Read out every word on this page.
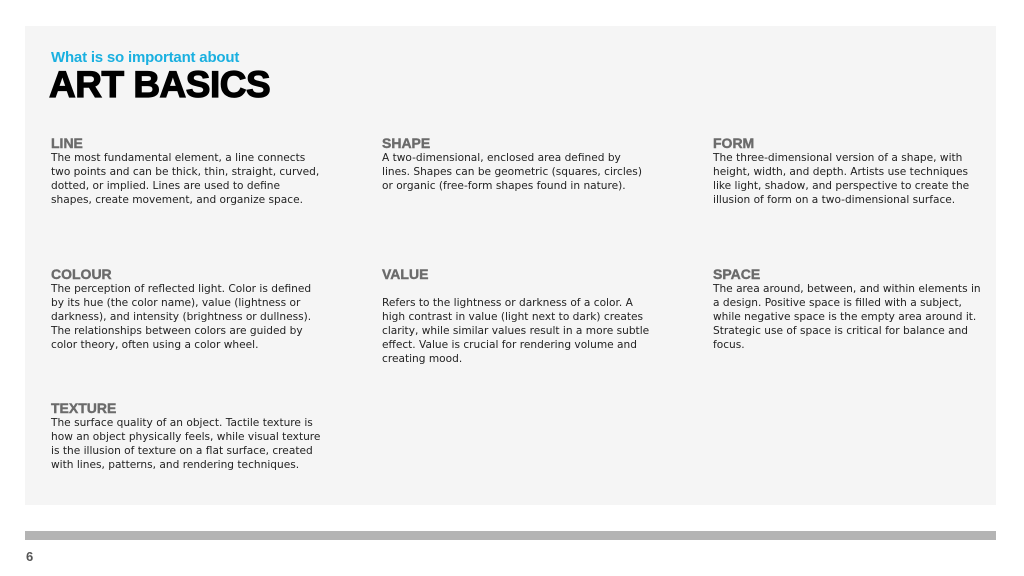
What is so important about
ART BASICS
LINE

The most fundamental element, a line connects two points and can be thick, thin, straight, curved, dotted, or implied. Lines are used to define shapes, create movement, and organize space.

SHAPE

A two-dimensional, enclosed area defined by lines. Shapes can be geometric (squares, circles) or organic (free-form shapes found in nature).

FORM

The three-dimensional version of a shape, with height, width, and depth. Artists use techniques like light, shadow, and perspective to create the illusion of form on a two-dimensional surface.

COLOUR

The perception of reflected light. Color is defined by its hue (the color name), value (lightness or darkness), and intensity (brightness or dullness). The relationships between colors are guided by color theory, often using a color wheel.

VALUE

Refers to the lightness or darkness of a color. A high contrast in value (light next to dark) creates clarity, while similar values result in a more subtle effect. Value is crucial for rendering volume and creating mood.

SPACE

The area around, between, and within elements in a design. Positive space is filled with a subject, while negative space is the empty area around it. Strategic use of space is critical for balance and focus.

TEXTURE

The surface quality of an object. Tactile texture is how an object physically feels, while visual texture is the illusion of texture on a flat surface, created with lines, patterns, and rendering techniques.

6
